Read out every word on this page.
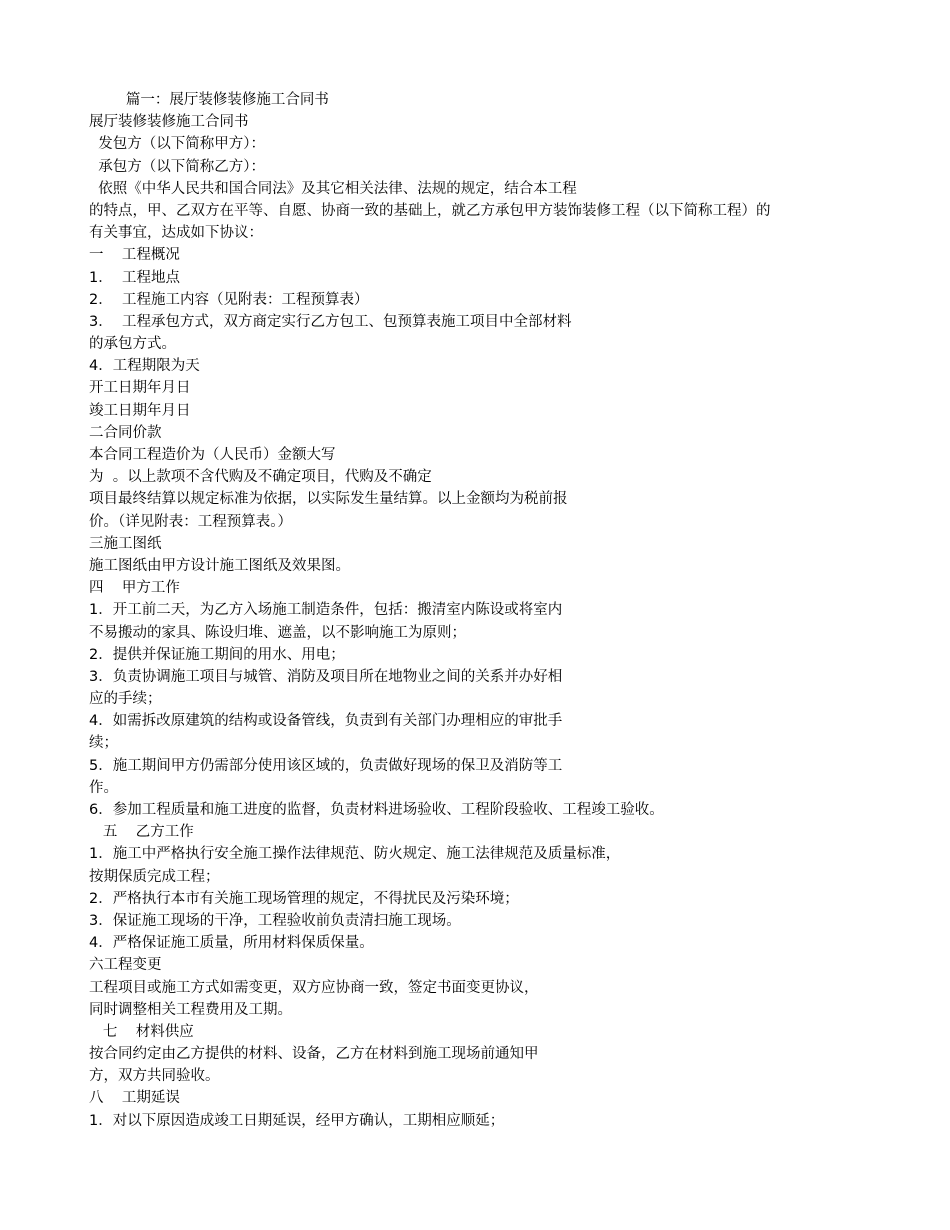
篇一：展厅装修装修施工合同书
展厅装修装修施工合同书
发包方（以下简称甲方）：
承包方（以下简称乙方）：
依照《中华人民共和国合同法》及其它相关法律、法规的规定，结合本工程
的特点，甲、乙双方在平等、自愿、协商一致的基础上，就乙方承包甲方装饰装修工程（以下简称工程）的
有关事宜，达成如下协议：
一    工程概况
1．  工程地点
2．  工程施工内容（见附表：工程预算表）
3．  工程承包方式，双方商定实行乙方包工、包预算表施工项目中全部材料
的承包方式。
4．工程期限为天
开工日期年月日
竣工日期年月日
二合同价款
本合同工程造价为（人民币）金额大写
为  。以上款项不含代购及不确定项目，代购及不确定
项目最终结算以规定标准为依据，以实际发生量结算。以上金额均为税前报
价。（详见附表：工程预算表。）
三施工图纸
施工图纸由甲方设计施工图纸及效果图。
四    甲方工作
1．开工前二天，为乙方入场施工制造条件，包括：搬清室内陈设或将室内
不易搬动的家具、陈设归堆、遮盖，以不影响施工为原则；
2．提供并保证施工期间的用水、用电；
3．负责协调施工项目与城管、消防及项目所在地物业之间的关系并办好相
应的手续；
4．如需拆改原建筑的结构或设备管线，负责到有关部门办理相应的审批手
续；
5．施工期间甲方仍需部分使用该区域的，负责做好现场的保卫及消防等工
作。
6．参加工程质量和施工进度的监督，负责材料进场验收、工程阶段验收、工程竣工验收。
五    乙方工作
1．施工中严格执行安全施工操作法律规范、防火规定、施工法律规范及质量标准，
按期保质完成工程；
2．严格执行本市有关施工现场管理的规定，不得扰民及污染环境；
3．保证施工现场的干净，工程验收前负责清扫施工现场。
4．严格保证施工质量，所用材料保质保量。
六工程变更
工程项目或施工方式如需变更，双方应协商一致，签定书面变更协议，
同时调整相关工程费用及工期。
七    材料供应
按合同约定由乙方提供的材料、设备，乙方在材料到施工现场前通知甲
方，双方共同验收。
八    工期延误
1．对以下原因造成竣工日期延误，经甲方确认，工期相应顺延；
